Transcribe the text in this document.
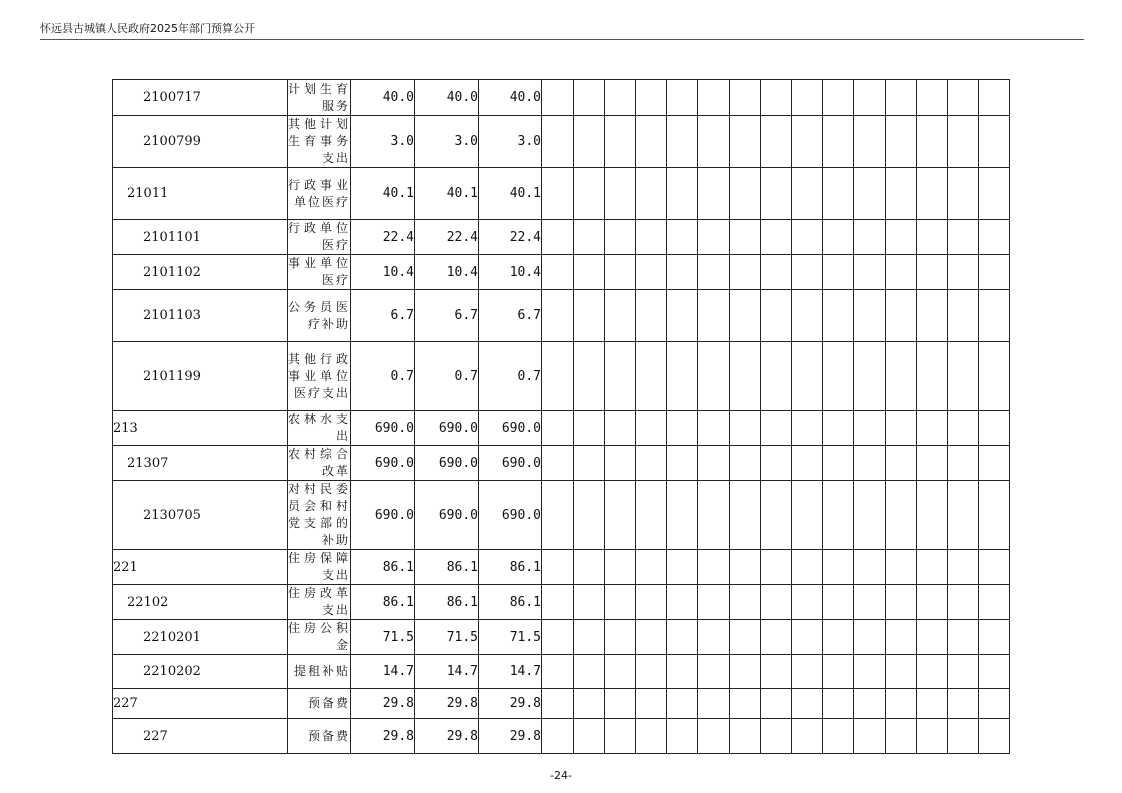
怀远县古城镇人民政府2025年部门预算公开
2100717	计划生育服务	40.0	40.0	40.0															
2100799	其他计划生育事务支出	3.0	3.0	3.0															
21011	行政事业单位医疗	40.1	40.1	40.1															
2101101	行政单位医疗	22.4	22.4	22.4															
2101102	事业单位医疗	10.4	10.4	10.4															
2101103	公务员医疗补助	6.7	6.7	6.7															
2101199	其他行政事业单位医疗支出	0.7	0.7	0.7															
213	农林水支出	690.0	690.0	690.0															
21307	农村综合改革	690.0	690.0	690.0															
2130705	对村民委员会和村党支部的补助	690.0	690.0	690.0															
221	住房保障支出	86.1	86.1	86.1															
22102	住房改革支出	86.1	86.1	86.1															
2210201	住房公积金	71.5	71.5	71.5															
2210202	提租补贴	14.7	14.7	14.7															
227	预备费	29.8	29.8	29.8															
227	预备费	29.8	29.8	29.8															
-24-
